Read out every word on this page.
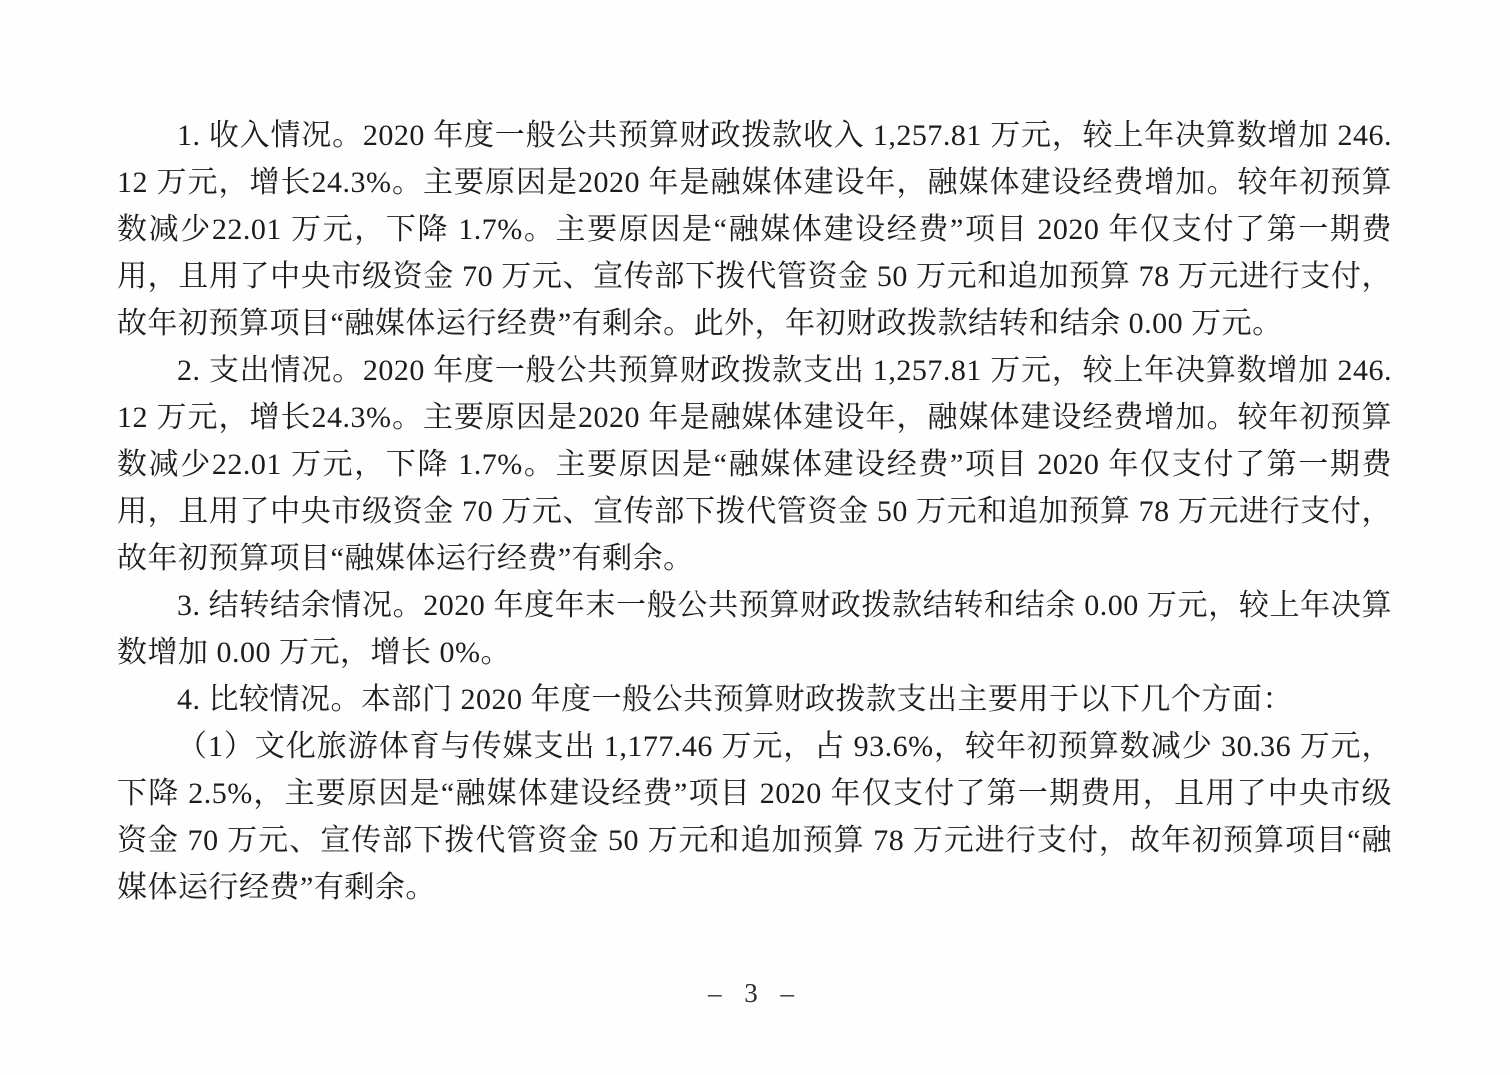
1. 收入情况。2020 年度一般公共预算财政拨款收入 1,257.81 万元，较上年决算数增加 246.12 万元，增长24.3%。主要原因是2020 年是融媒体建设年，融媒体建设经费增加。较年初预算数减少22.01 万元，下降 1.7%。主要原因是“融媒体建设经费”项目 2020 年仅支付了第一期费用，且用了中央市级资金 70 万元、宣传部下拨代管资金 50 万元和追加预算 78 万元进行支付，故年初预算项目“融媒体运行经费”有剩余。此外，年初财政拨款结转和结余 0.00 万元。

2. 支出情况。2020 年度一般公共预算财政拨款支出 1,257.81 万元，较上年决算数增加 246.12 万元，增长24.3%。主要原因是2020 年是融媒体建设年，融媒体建设经费增加。较年初预算数减少22.01 万元，下降 1.7%。主要原因是“融媒体建设经费”项目 2020 年仅支付了第一期费用，且用了中央市级资金 70 万元、宣传部下拨代管资金 50 万元和追加预算 78 万元进行支付，故年初预算项目“融媒体运行经费”有剩余。

3. 结转结余情况。2020 年度年末一般公共预算财政拨款结转和结余 0.00 万元，较上年决算数增加 0.00 万元，增长 0%。

4. 比较情况。本部门 2020 年度一般公共预算财政拨款支出主要用于以下几个方面：

（1）文化旅游体育与传媒支出 1,177.46 万元，占 93.6%，较年初预算数减少 30.36 万元，下降 2.5%，主要原因是“融媒体建设经费”项目 2020 年仅支付了第一期费用，且用了中央市级资金 70 万元、宣传部下拨代管资金 50 万元和追加预算 78 万元进行支付，故年初预算项目“融媒体运行经费”有剩余。

– 3 –
